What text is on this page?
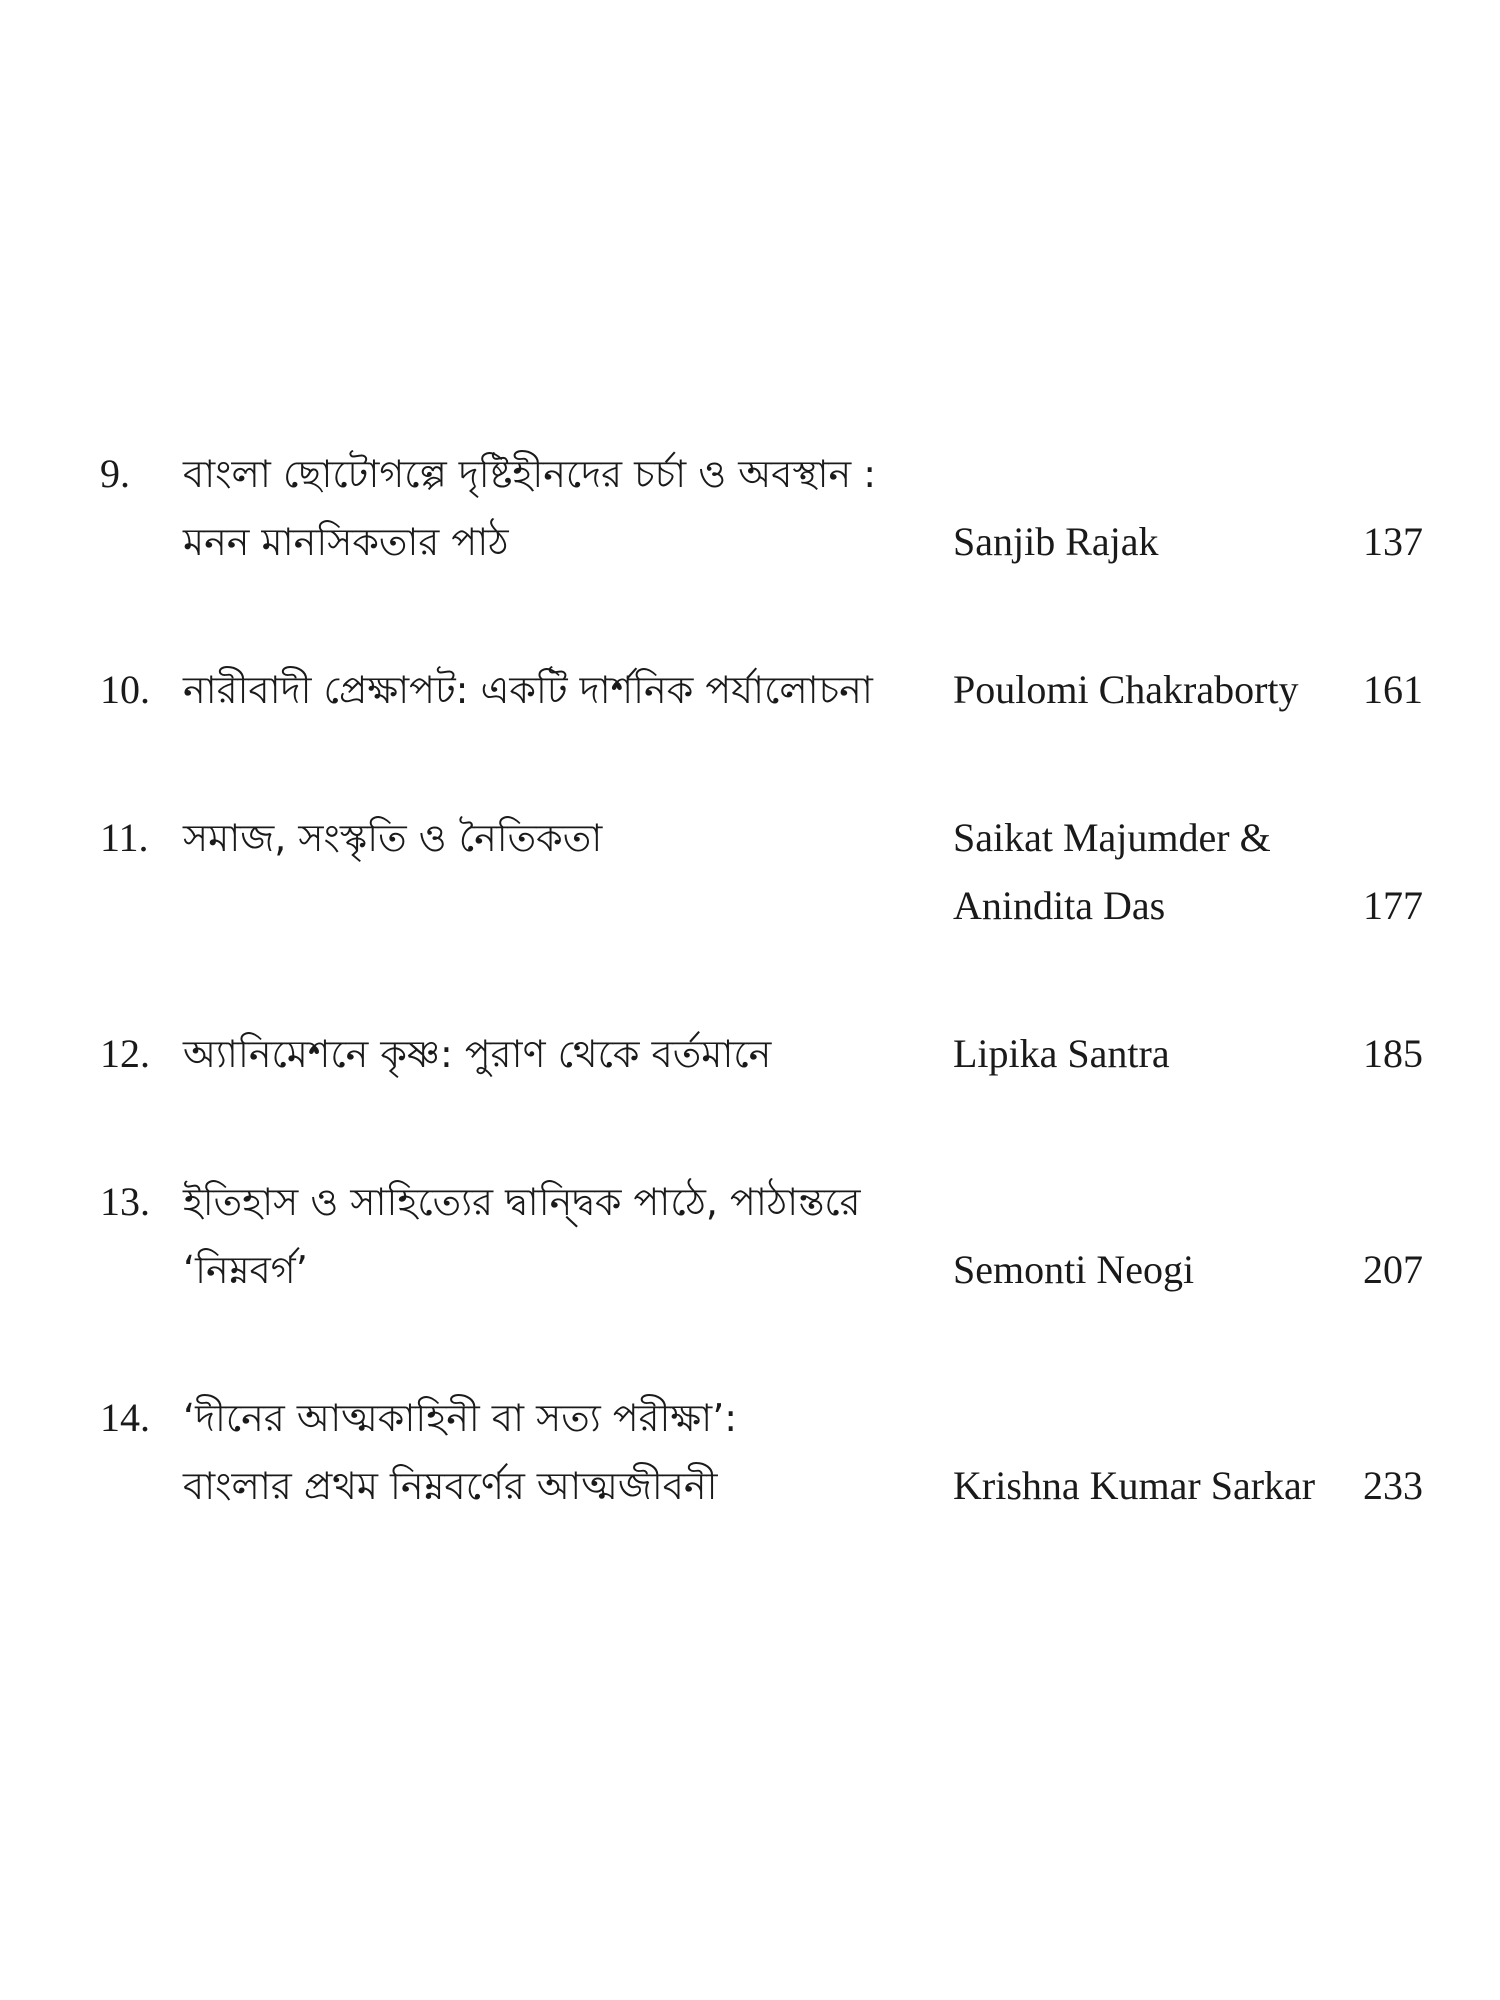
9.	বাংলা ছোটোগল্পে দৃষ্টিহীনদের চর্চা ও অবস্থান :
মনন মানসিকতার পাঠ	Sanjib Rajak	137
10. নারীবাদী প্রেক্ষাপট: একটি দার্শনিক পর্যালোচনা	Poulomi Chakraborty	161
11. সমাজ, সংস্কৃতি ও নৈতিকতা
	Saikat Majumder &
Anindita Das	177
12. অ্যানিমেশনে কৃষ্ণ: পুরাণ থেকে বর্তমানে	Lipika Santra	185
13. ইতিহাস ও সাহিত্যের দ্বান্দ্বিক পাঠে, পাঠান্তরে
‘নিম্নবর্গ’	Semonti Neogi	207
14. ‘দীনের আত্মকাহিনী বা সত্য পরীক্ষা’:
বাংলার প্রথম নিম্নবর্ণের আত্মজীবনী	Krishna Kumar Sarkar	233
